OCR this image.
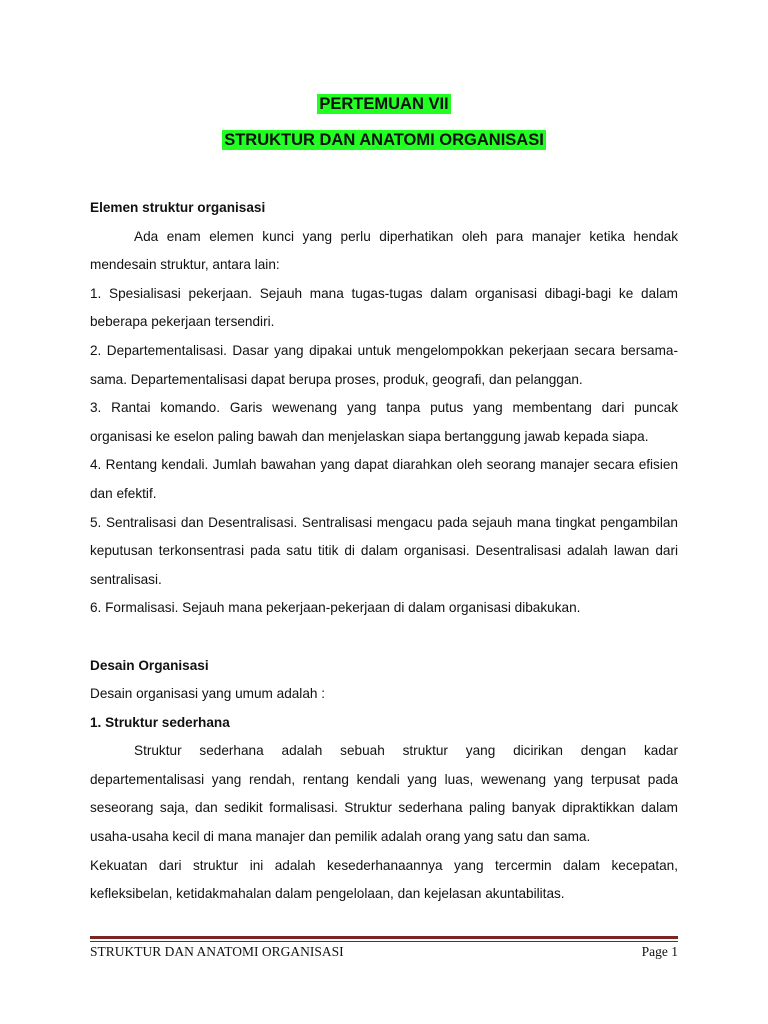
PERTEMUAN VII
STRUKTUR DAN ANATOMI ORGANISASI
Elemen struktur organisasi
Ada enam elemen kunci yang perlu diperhatikan oleh para manajer ketika hendak
mendesain struktur, antara lain:
1. Spesialisasi pekerjaan. Sejauh mana tugas-tugas dalam organisasi dibagi-bagi ke dalam
beberapa pekerjaan tersendiri.
2. Departementalisasi. Dasar yang dipakai untuk mengelompokkan pekerjaan secara bersama-
sama. Departementalisasi dapat berupa proses, produk, geografi, dan pelanggan.
3. Rantai komando. Garis wewenang yang tanpa putus yang membentang dari puncak
organisasi ke eselon paling bawah dan menjelaskan siapa bertanggung jawab kepada siapa.
4. Rentang kendali. Jumlah bawahan yang dapat diarahkan oleh seorang manajer secara efisien
dan efektif.
5. Sentralisasi dan Desentralisasi. Sentralisasi mengacu pada sejauh mana tingkat pengambilan
keputusan terkonsentrasi pada satu titik di dalam organisasi. Desentralisasi adalah lawan dari
sentralisasi.
6. Formalisasi. Sejauh mana pekerjaan-pekerjaan di dalam organisasi dibakukan.
Desain Organisasi
Desain organisasi yang umum adalah :
1. Struktur sederhana
Struktur sederhana adalah sebuah struktur yang dicirikan dengan kadar
departementalisasi yang rendah, rentang kendali yang luas, wewenang yang terpusat pada
seseorang saja, dan sedikit formalisasi. Struktur sederhana paling banyak dipraktikkan dalam
usaha-usaha kecil di mana manajer dan pemilik adalah orang yang satu dan sama.
Kekuatan dari struktur ini adalah kesederhanaannya yang tercermin dalam kecepatan,
kefleksibelan, ketidakmahalan dalam pengelolaan, dan kejelasan akuntabilitas.
STRUKTUR DAN ANATOMI ORGANISASI	Page 1
